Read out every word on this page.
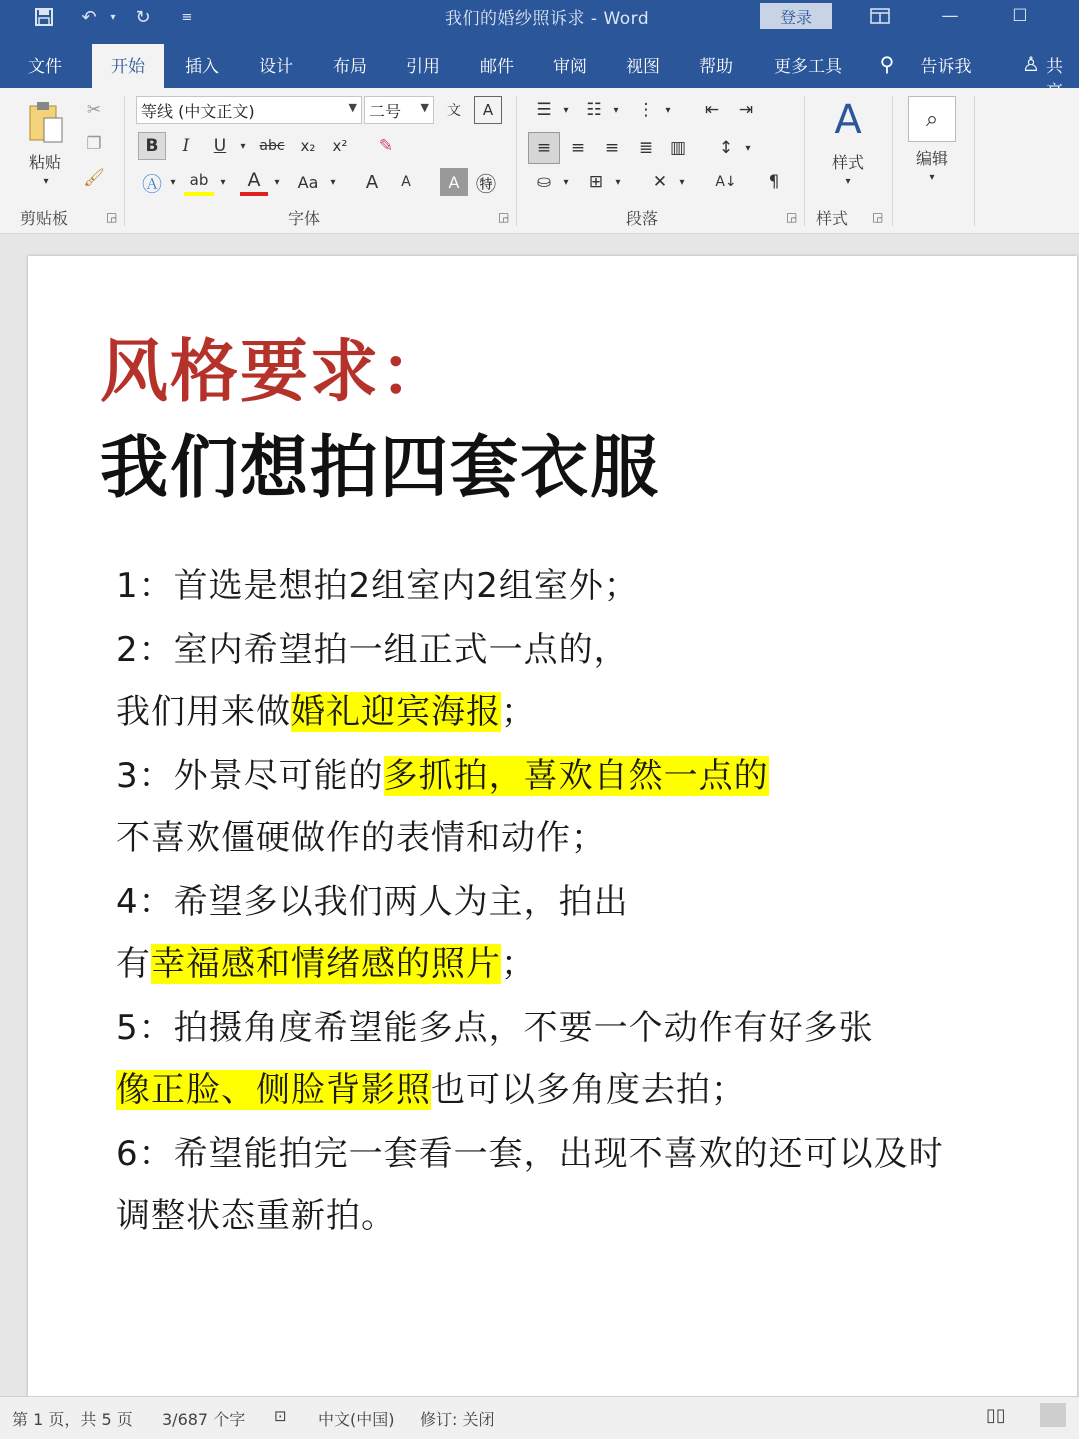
↶	▾	↻	≡	我们的婚纱照诉求 - Word	登录	—	☐
文件	开始	插入	设计	布局	引用	邮件	审阅	视图	帮助	更多工具	⚲	告诉我	♙ 共
粘贴
▾
✂
❐
🖌
剪贴板	◲
等线 (中文正文)	▼ 二号 ▼	文	A
B	I	U	▾ abc	x₂	x²	✎
Ⓐ ▾ ab	▾	A	▾	Aa	▾	A	A	A ㊕
字体	◲
☰	▾	☷	▾	⋮	▾	⇤	⇥
≡	≡	≡	≣ ▥	↕	▾
⛀	▾	⊞	▾	✕	▾ A↓	¶
段落	◲
A
样式
▾
样式 ◲
⌕
编辑
▾
风格要求：
我们想拍四套衣服
1：首选是想拍2组室内2组室外；
2：室内希望拍一组正式一点的，
我们用来做婚礼迎宾海报；
3：外景尽可能的多抓拍，喜欢自然一点的
不喜欢僵硬做作的表情和动作；
4：希望多以我们两人为主，拍出
有幸福感和情绪感的照片；
5：拍摄角度希望能多点，不要一个动作有好多张
像正脸、侧脸背影照也可以多角度去拍；
6：希望能拍完一套看一套，出现不喜欢的还可以及时
调整状态重新拍。
第 1 页，共 5 页 3/687 个字 ⊡ 中文(中国) 修订: 关闭	▯▯
